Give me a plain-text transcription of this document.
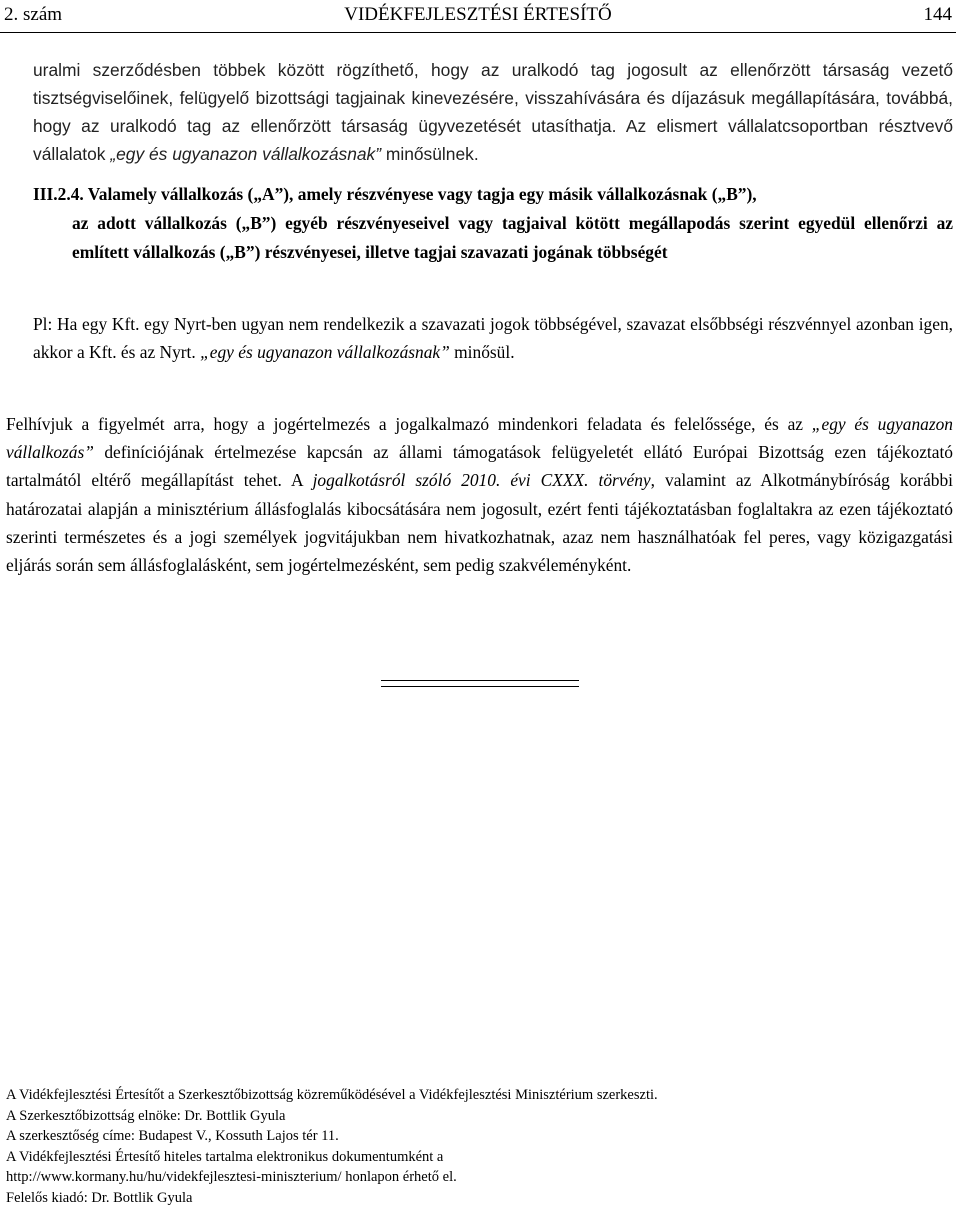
2. szám	VIDÉKFEJLESZTÉSI ÉRTESÍTŐ	144

uralmi szerződésben többek között rögzíthető, hogy az uralkodó tag jogosult az ellenőrzött társaság vezető tisztségviselőinek, felügyelő bizottsági tagjainak kinevezésére, visszahívására és díjazásuk megállapítására, továbbá, hogy az uralkodó tag az ellenőrzött társaság ügyvezetését utasíthatja. Az elismert vállalatcsoportban résztvevő vállalatok „egy és ugyanazon vállalkozásnak” minősülnek.

III.2.4. Valamely vállalkozás („A”), amely részvényese vagy tagja egy másik vállalkozásnak („B”),
az adott vállalkozás („B”) egyéb részvényeseivel vagy tagjaival kötött megállapodás szerint egyedül ellenőrzi az említett vállalkozás („B”) részvényesei, illetve tagjai szavazati jogának többségét

Pl: Ha egy Kft. egy Nyrt-ben ugyan nem rendelkezik a szavazati jogok többségével, szavazat elsőbbségi részvénnyel azonban igen, akkor a Kft. és az Nyrt. „egy és ugyanazon vállalkozásnak” minősül.

Felhívjuk a figyelmét arra, hogy a jogértelmezés a jogalkalmazó mindenkori feladata és felelőssége, és az „egy és ugyanazon vállalkozás” definíciójának értelmezése kapcsán az állami támogatások felügyeletét ellátó Európai Bizottság ezen tájékoztató tartalmától eltérő megállapítást tehet. A jogalkotásról szóló 2010. évi CXXX. törvény, valamint az Alkotmánybíróság korábbi határozatai alapján a minisztérium állásfoglalás kibocsátására nem jogosult, ezért fenti tájékoztatásban foglaltakra az ezen tájékoztató szerinti természetes és a jogi személyek jogvitájukban nem hivatkozhatnak, azaz nem használhatóak fel peres, vagy közigazgatási eljárás során sem állásfoglalásként, sem jogértelmezésként, sem pedig szakvéleményként.

A Vidékfejlesztési Értesítőt a Szerkesztőbizottság közreműködésével a Vidékfejlesztési Minisztérium szerkeszti.
A Szerkesztőbizottság elnöke: Dr. Bottlik Gyula
A szerkesztőség címe: Budapest V., Kossuth Lajos tér 11.
A Vidékfejlesztési Értesítő hiteles tartalma elektronikus dokumentumként a
http://www.kormany.hu/hu/videkfejlesztesi-miniszterium/ honlapon érhető el.
Felelős kiadó: Dr. Bottlik Gyula
